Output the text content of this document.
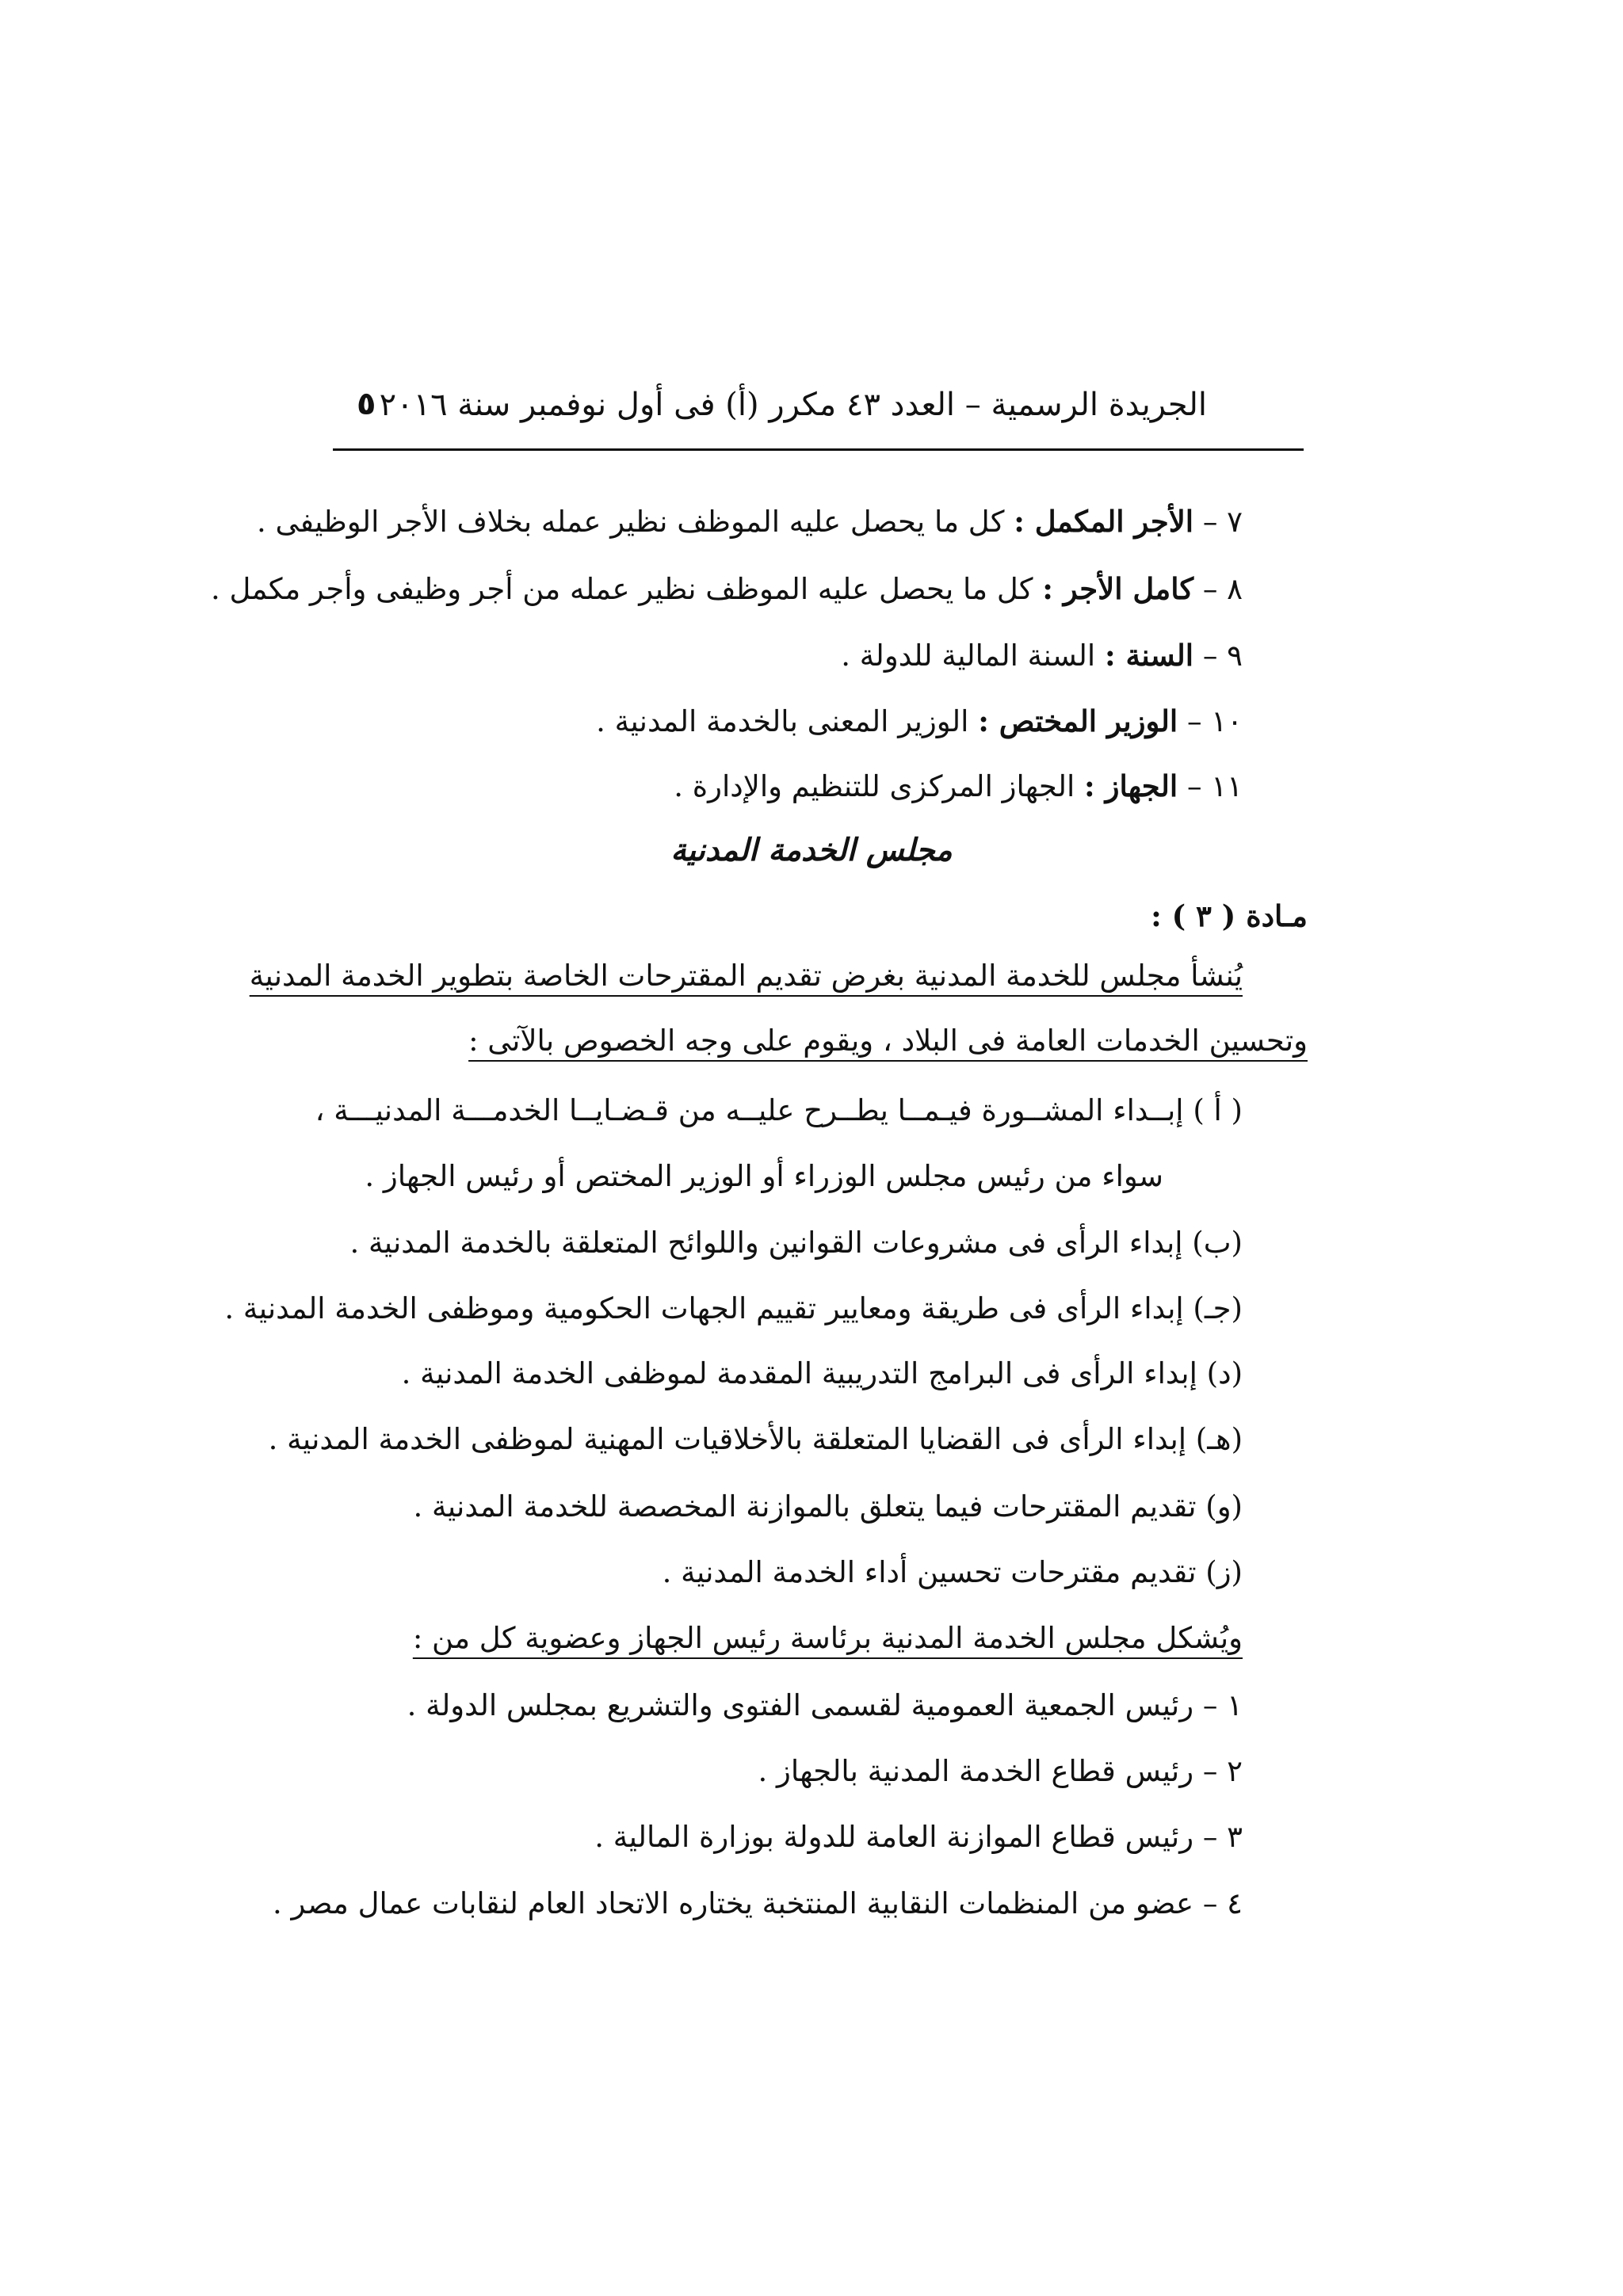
الجريدة الرسمية – العدد ٤٣ مكرر (أ) فى أول نوفمبر سنة ٢٠١٦
٥
٧ – الأجر المكمل : كل ما يحصل عليه الموظف نظير عمله بخلاف الأجر الوظيفى .
٨ – كامل الأجر : كل ما يحصل عليه الموظف نظير عمله من أجر وظيفى وأجر مكمل .
٩ – السنة : السنة المالية للدولة .
١٠ – الوزير المختص : الوزير المعنى بالخدمة المدنية .
١١ – الجهاز : الجهاز المركزى للتنظيم والإدارة .
مجلس الخدمة المدنية
مـادة ( ٣ ) :
يُنشأ مجلس للخدمة المدنية بغرض تقديم المقترحات الخاصة بتطوير الخدمة المدنية
وتحسين الخدمات العامة فى البلاد ، ويقوم على وجه الخصوص بالآتى :
( أ ) إبــداء المشــورة فيـمــا يطــرح عليــه من قـضـايــا الخدمـــة المدنيـــة ،
سواء من رئيس مجلس الوزراء أو الوزير المختص أو رئيس الجهاز .
(ب) إبداء الرأى فى مشروعات القوانين واللوائح المتعلقة بالخدمة المدنية .
(جـ) إبداء الرأى فى طريقة ومعايير تقييم الجهات الحكومية وموظفى الخدمة المدنية .
(د) إبداء الرأى فى البرامج التدريبية المقدمة لموظفى الخدمة المدنية .
(هـ) إبداء الرأى فى القضايا المتعلقة بالأخلاقيات المهنية لموظفى الخدمة المدنية .
(و) تقديم المقترحات فيما يتعلق بالموازنة المخصصة للخدمة المدنية .
(ز) تقديم مقترحات تحسين أداء الخدمة المدنية .
ويُشكل مجلس الخدمة المدنية برئاسة رئيس الجهاز وعضوية كل من :
١ – رئيس الجمعية العمومية لقسمى الفتوى والتشريع بمجلس الدولة .
٢ – رئيس قطاع الخدمة المدنية بالجهاز .
٣ – رئيس قطاع الموازنة العامة للدولة بوزارة المالية .
٤ – عضو من المنظمات النقابية المنتخبة يختاره الاتحاد العام لنقابات عمال مصر .
